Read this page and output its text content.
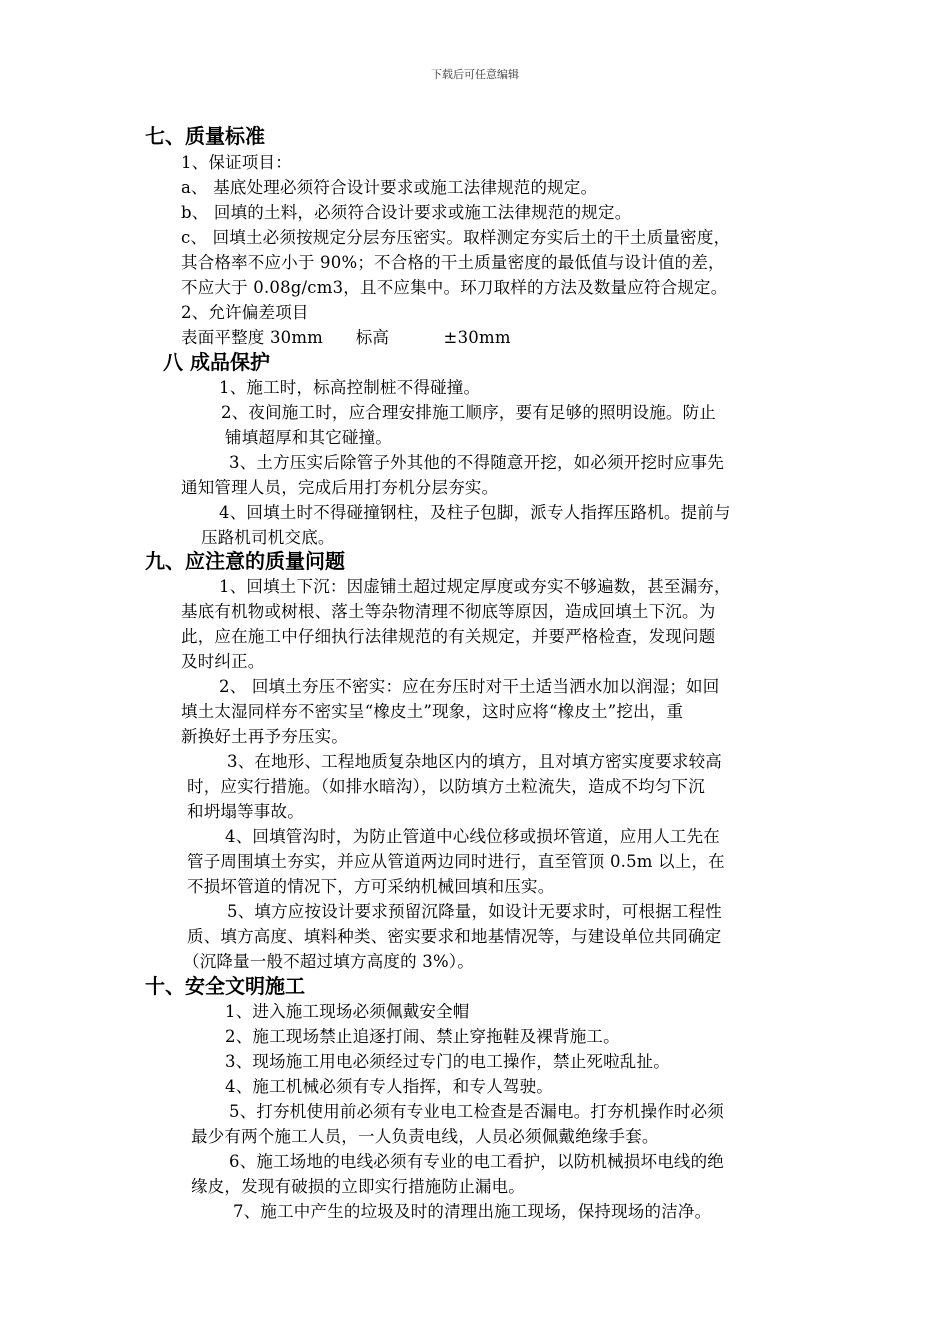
下载后可任意编辑
七、质量标准
1、保证项目：
a、 基底处理必须符合设计要求或施工法律规范的规定。
b、 回填的土料，必须符合设计要求或施工法律规范的规定。
c、 回填土必须按规定分层夯压密实。取样测定夯实后土的干土质量密度，
其合格率不应小于 90%；不合格的干土质量密度的最低值与设计值的差，
不应大于 0.08g/cm3，且不应集中。环刀取样的方法及数量应符合规定。
2、允许偏差项目
表面平整度 30mm      标高          ±30mm
八 成品保护
1、施工时，标高控制桩不得碰撞。
2、夜间施工时，应合理安排施工顺序，要有足够的照明设施。防止
铺填超厚和其它碰撞。
3、土方压实后除管子外其他的不得随意开挖，如必须开挖时应事先
通知管理人员，完成后用打夯机分层夯实。
4、回填土时不得碰撞钢柱，及柱子包脚，派专人指挥压路机。提前与
压路机司机交底。
九、应注意的质量问题
1、回填土下沉：因虚铺土超过规定厚度或夯实不够遍数，甚至漏夯，
基底有机物或树根、落土等杂物清理不彻底等原因，造成回填土下沉。为
此，应在施工中仔细执行法律规范的有关规定，并要严格检查，发现问题
及时纠正。
2、 回填土夯压不密实：应在夯压时对干土适当洒水加以润湿；如回
填土太湿同样夯不密实呈“橡皮土”现象，这时应将“橡皮土”挖出，重
新换好土再予夯压实。
3、在地形、工程地质复杂地区内的填方，且对填方密实度要求较高
时，应实行措施。（如排水暗沟），以防填方土粒流失，造成不均匀下沉
和坍塌等事故。
4、回填管沟时，为防止管道中心线位移或损坏管道，应用人工先在
管子周围填土夯实，并应从管道两边同时进行，直至管顶 0.5m 以上，在
不损坏管道的情况下，方可采纳机械回填和压实。
5、填方应按设计要求预留沉降量，如设计无要求时，可根据工程性
质、填方高度、填料种类、密实要求和地基情况等，与建设单位共同确定
（沉降量一般不超过填方高度的 3%）。
十、安全文明施工
1、进入施工现场必须佩戴安全帽
2、施工现场禁止追逐打闹、禁止穿拖鞋及裸背施工。
3、现场施工用电必须经过专门的电工操作，禁止死啦乱扯。
4、施工机械必须有专人指挥，和专人驾驶。
5、打夯机使用前必须有专业电工检查是否漏电。打夯机操作时必须
最少有两个施工人员，一人负责电线，人员必须佩戴绝缘手套。
6、施工场地的电线必须有专业的电工看护，以防机械损坏电线的绝
缘皮，发现有破损的立即实行措施防止漏电。
7、施工中产生的垃圾及时的清理出施工现场，保持现场的洁净。
